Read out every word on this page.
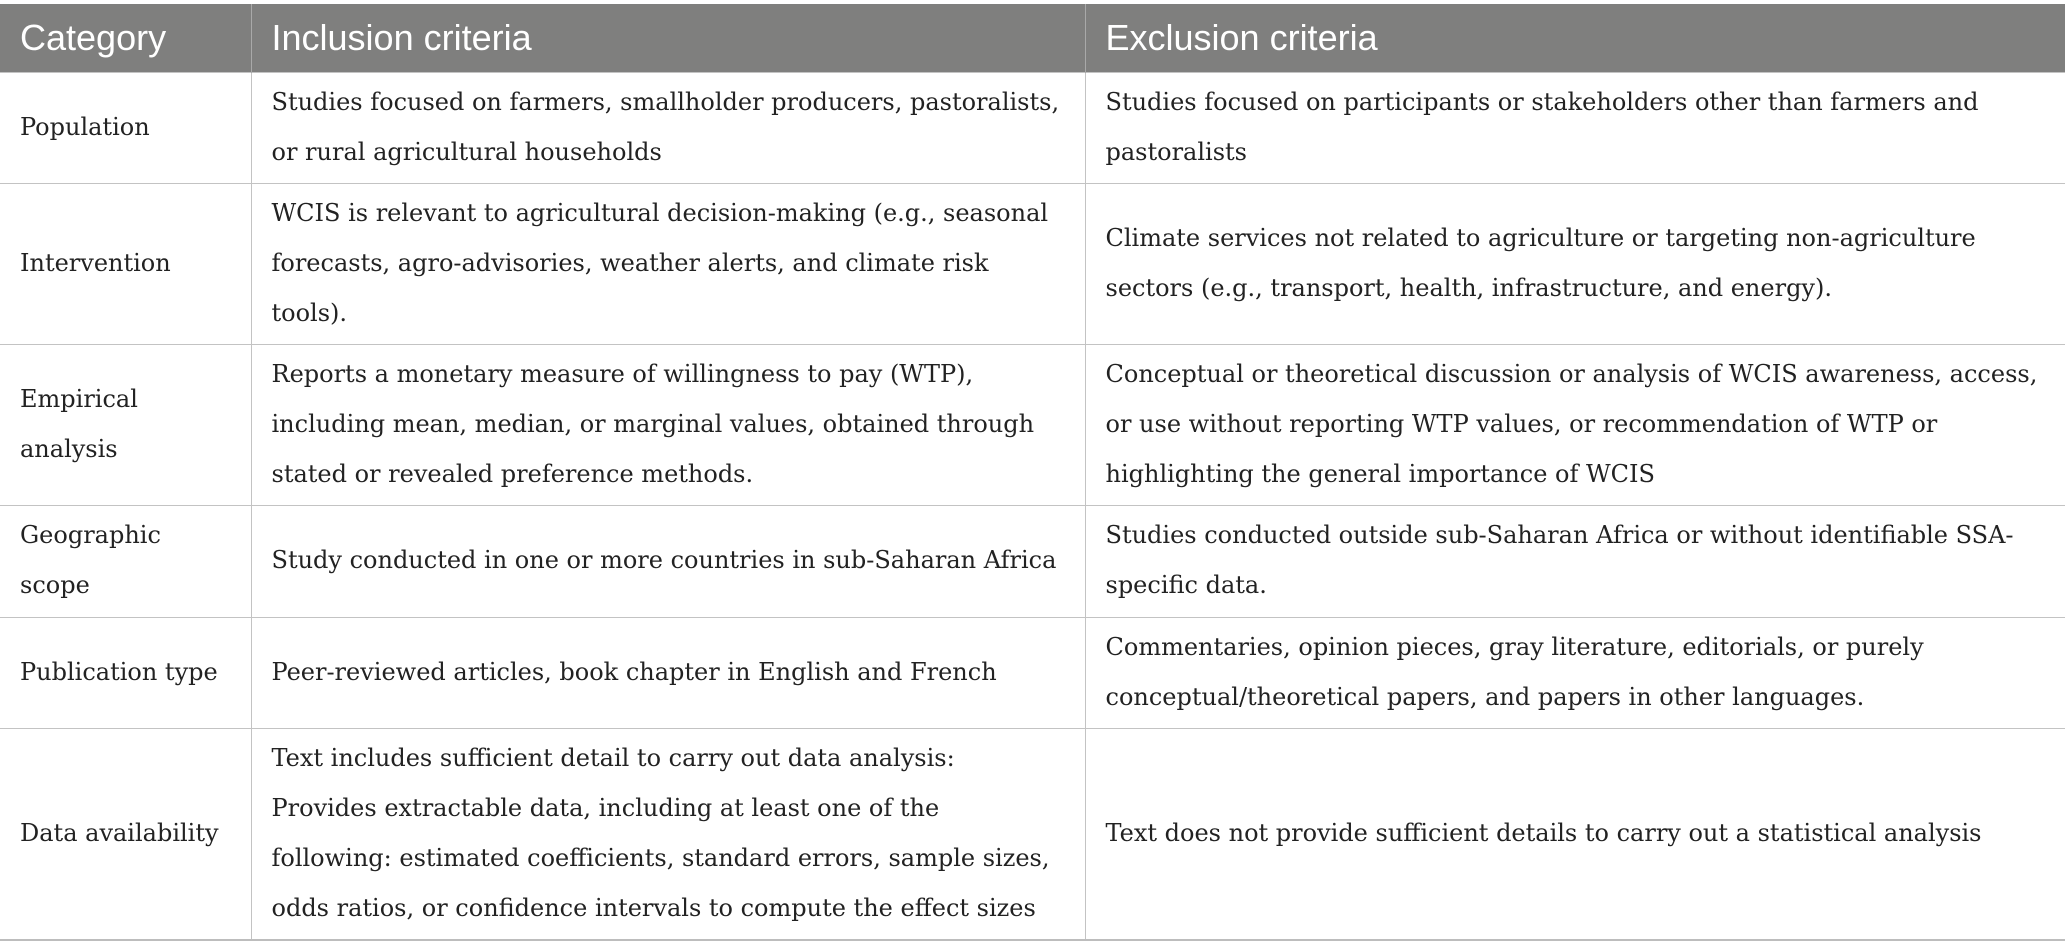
Category	Inclusion criteria	Exclusion criteria
Population	Studies focused on farmers, smallholder producers, pastoralists, or rural agricultural households	Studies focused on participants or stakeholders other than farmers and pastoralists
Intervention	WCIS is relevant to agricultural decision-making (e.g., seasonal forecasts, agro-advisories, weather alerts, and climate risk tools).	Climate services not related to agriculture or targeting non-agriculture sectors (e.g., transport, health, infrastructure, and energy).
Empirical analysis	Reports a monetary measure of willingness to pay (WTP), including mean, median, or marginal values, obtained through stated or revealed preference methods.	Conceptual or theoretical discussion or analysis of WCIS awareness, access, or use without reporting WTP values, or recommendation of WTP or highlighting the general importance of WCIS
Geographic scope	Study conducted in one or more countries in sub-Saharan Africa	Studies conducted outside sub-Saharan Africa or without identifiable SSA-specific data.
Publication type	Peer-reviewed articles, book chapter in English and French	Commentaries, opinion pieces, gray literature, editorials, or purely conceptual/theoretical papers, and papers in other languages.
Data availability	Text includes sufficient detail to carry out data analysis: Provides extractable data, including at least one of the following: estimated coefficients, standard errors, sample sizes, odds ratios, or confidence intervals to compute the effect sizes	Text does not provide sufficient details to carry out a statistical analysis
